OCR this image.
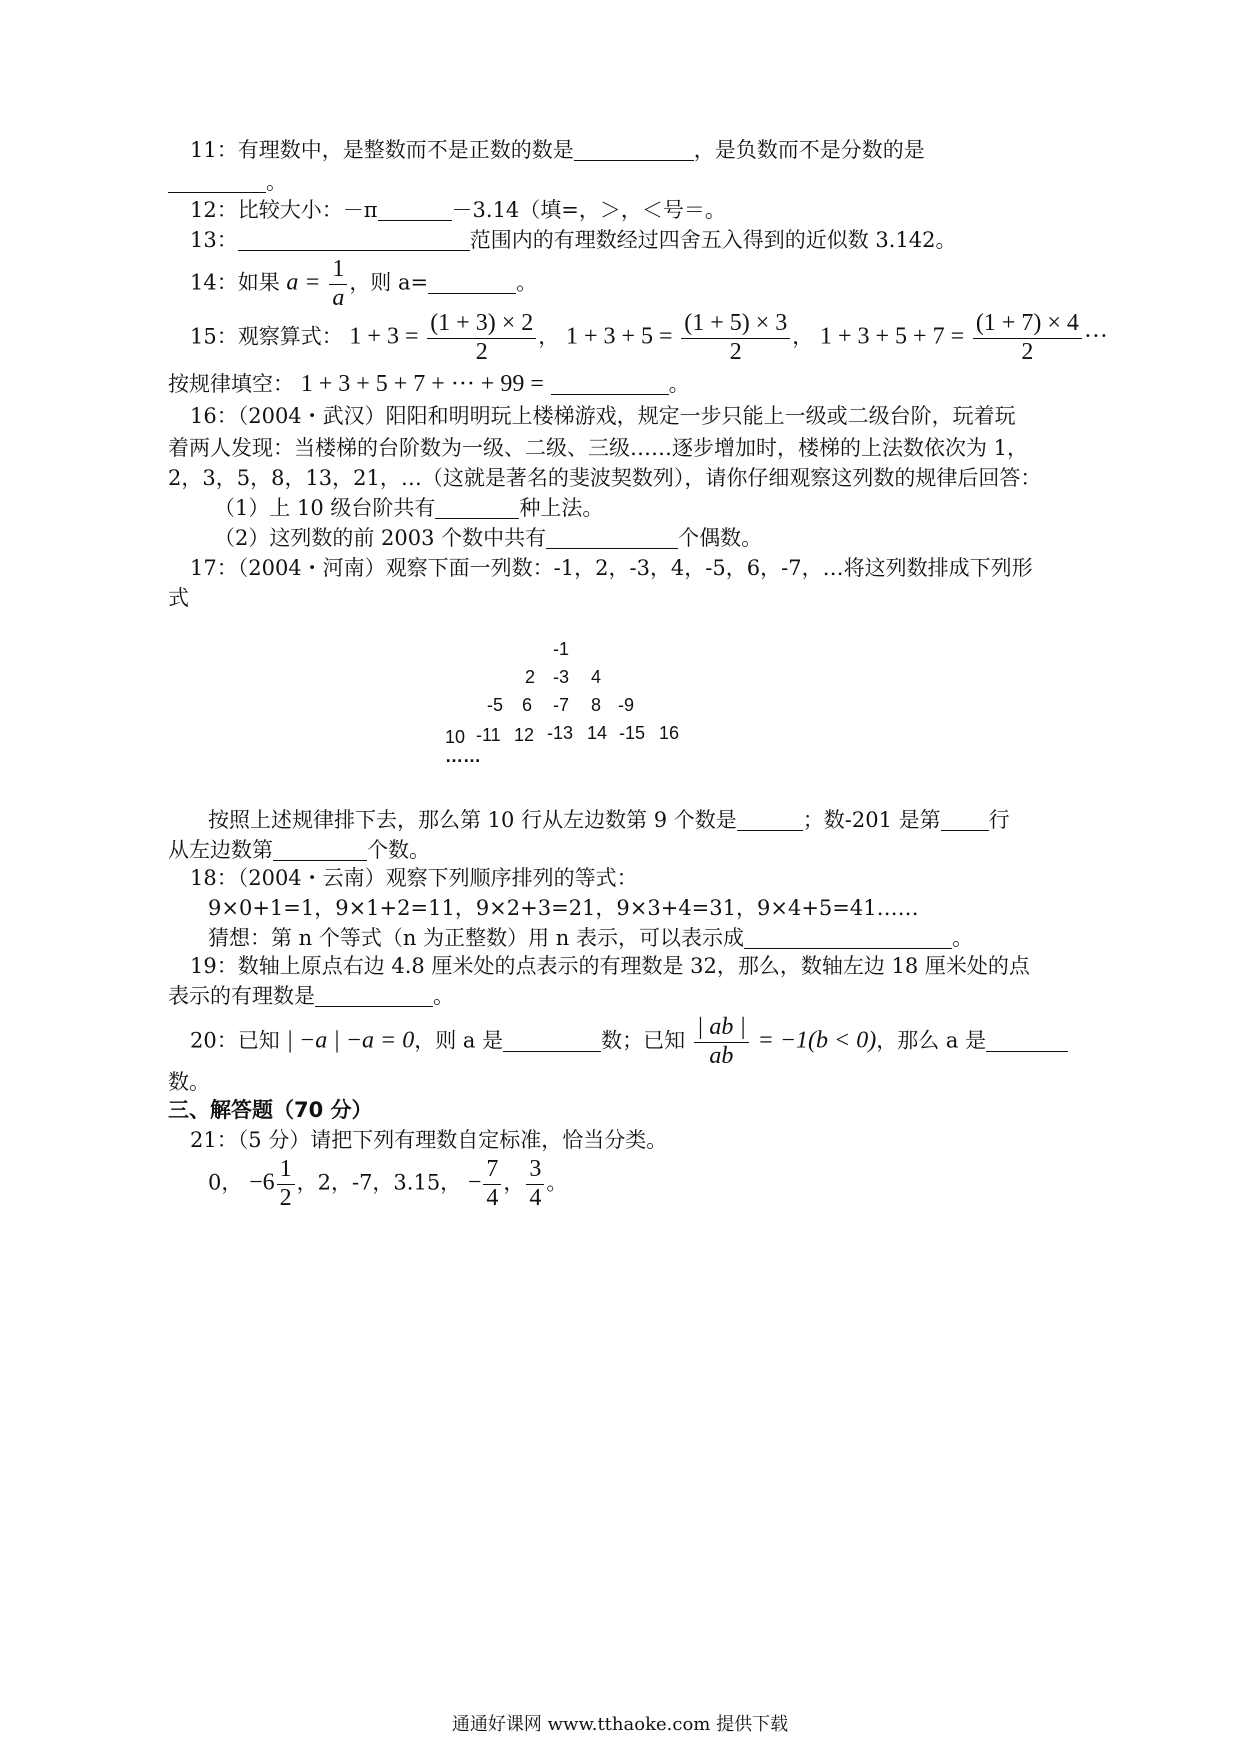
11：有理数中，是整数而不是正数的数是	，是负数而不是分数的是
。
12：比较大小：－π	－3.14（填=，＞，＜号＝。
13：	范围内的有理数经过四舍五入得到的近似数 3.142。
14：如果 $a = \frac{1}{a}$ ，则 a=	。
15：观察算式： $1 + 3 = \frac{(1 + 3) \times 2}{2}$ ， $1 + 3 + 5 = \frac{(1 + 5) \times 3}{2}$ ， $1 + 3 + 5 + 7 = \frac{(1 + 7) \times 4}{2}$ ···
按规律填空： 1 + 3 + 5 + 7 + ··· + 99 =	。
16：（2004・武汉）阳阳和明明玩上楼梯游戏，规定一步只能上一级或二级台阶，玩着玩
着两人发现：当楼梯的台阶数为一级、二级、三级……逐步增加时，楼梯的上法数依次为 1，
2，3，5，8，13，21，…（这就是著名的斐波契数列），请你仔细观察这列数的规律后回答：
（1）上 10 级台阶共有	种上法。
（2）这列数的前 2003 个数中共有	个偶数。
17：（2004・河南）观察下面一列数：-1，2，-3，4，-5，6，-7，…将这列数排成下列形
式
-1
2 -3 4
-5 6 -7 8 -9
10 -11 12 -13 14 -15 16
……
按照上述规律排下去，那么第 10 行从左边数第 9 个数是	；数-201 是第 行
从左边数第	个数。
18：（2004・云南）观察下列顺序排列的等式：
9×0+1=1，9×1+2=11，9×2+3=21，9×3+4=31，9×4+5=41……
猜想：第 n 个等式（n 为正整数）用 n 表示，可以表示成	。
19：数轴上原点右边 4.8 厘米处的点表示的有理数是 32，那么，数轴左边 18 厘米处的点
表示的有理数是	。
20：已知 | −a | −a = 0，则 a 是	数；已知 $\frac{| ab |}{ab} = -1(b < 0)$，那么 a 是
数。
三、解答题（70 分）
21：（5 分）请把下列有理数自定标准，恰当分类。
0， $-6 \frac{1}{2}$ ，2，-7，3.15， − $\frac{7}{4}$ ， $\frac{3}{4}$ 。
通通好课网 www.tthaoke.com 提供下载
